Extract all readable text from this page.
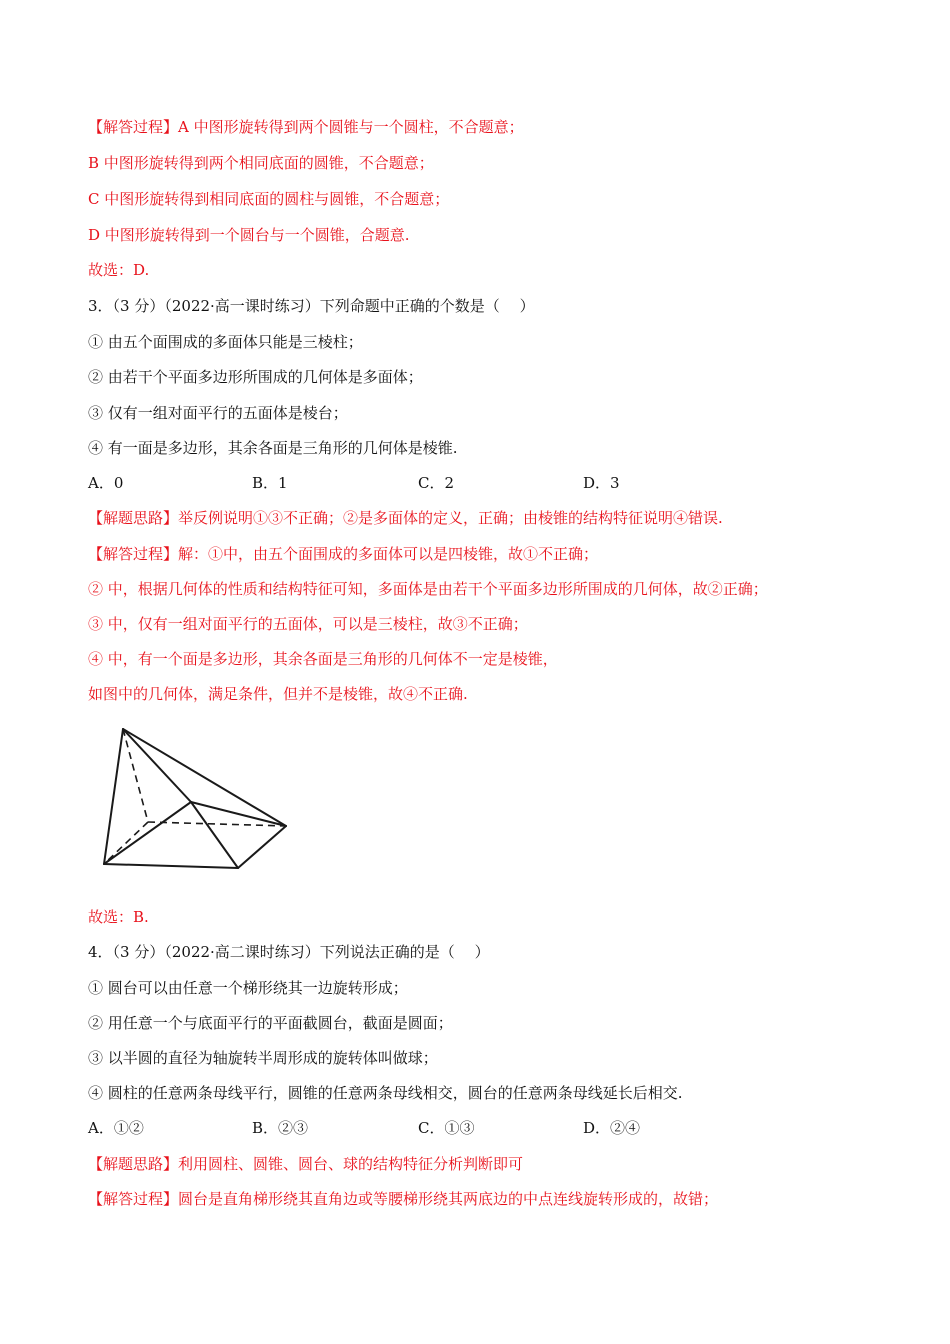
【解答过程】A 中图形旋转得到两个圆锥与一个圆柱，不合题意；
B 中图形旋转得到两个相同底面的圆锥，不合题意；
C 中图形旋转得到相同底面的圆柱与圆锥，不合题意；
D 中图形旋转得到一个圆台与一个圆锥，合题意.
故选：D.
3．（3 分）（2022·高一课时练习）下列命题中正确的个数是（　 ）
① 由五个面围成的多面体只能是三棱柱；
② 由若干个平面多边形所围成的几何体是多面体；
③ 仅有一组对面平行的五面体是棱台；
④ 有一面是多边形，其余各面是三角形的几何体是棱锥.
A．0	B．1	C．2	D．3
【解题思路】举反例说明①③不正确；②是多面体的定义，正确；由棱锥的结构特征说明④错误.
【解答过程】解：①中，由五个面围成的多面体可以是四棱锥，故①不正确；
② 中，根据几何体的性质和结构特征可知，多面体是由若干个平面多边形所围成的几何体，故②正确；
③ 中，仅有一组对面平行的五面体，可以是三棱柱，故③不正确；
④ 中，有一个面是多边形，其余各面是三角形的几何体不一定是棱锥，
如图中的几何体，满足条件，但并不是棱锥，故④不正确.
故选：B.
4．（3 分）（2022·高二课时练习）下列说法正确的是（　 ）
① 圆台可以由任意一个梯形绕其一边旋转形成；
② 用任意一个与底面平行的平面截圆台，截面是圆面；
③ 以半圆的直径为轴旋转半周形成的旋转体叫做球；
④ 圆柱的任意两条母线平行，圆锥的任意两条母线相交，圆台的任意两条母线延长后相交.
A．①②	B．②③	C．①③	D．②④
【解题思路】利用圆柱、圆锥、圆台、球的结构特征分析判断即可
【解答过程】圆台是直角梯形绕其直角边或等腰梯形绕其两底边的中点连线旋转形成的，故错；
